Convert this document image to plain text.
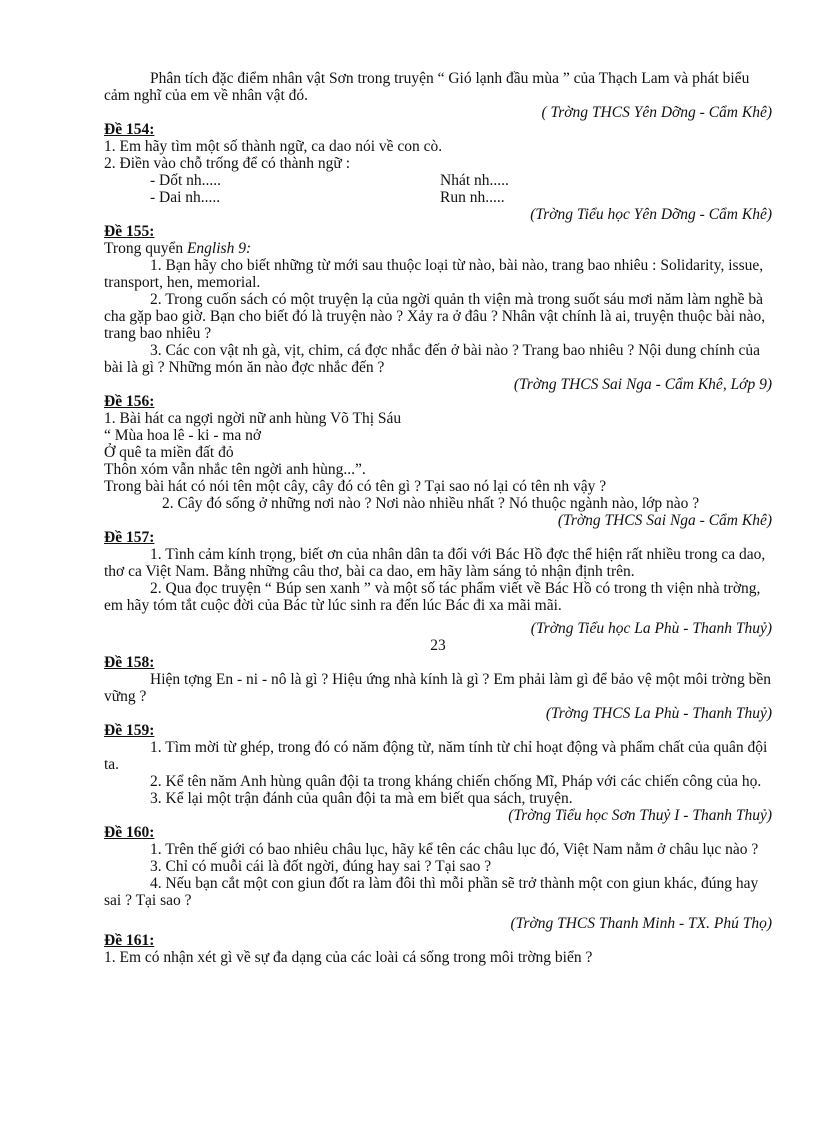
Phân tích đặc điểm nhân vật Sơn trong truyện “ Gió lạnh đầu mùa ” của Thạch Lam và phát biểu cảm nghĩ của em về nhân vật đó.

( Trờng THCS Yên Dỡng - Cẩm Khê)

Đề 154:

1. Em hãy tìm một số thành ngữ, ca dao nói về con cò.

2. Điền vào chỗ trống để có thành ngữ :

- Dốt nh.....	Nhát nh.....
- Dai nh.....	Run nh.....

(Trờng Tiểu học Yên Dỡng - Cẩm Khê)

Đề 155:

Trong quyển English 9:

1. Bạn hãy cho biết những từ mới sau thuộc loại từ nào, bài nào, trang bao nhiêu : Solidarity, issue, transport, hen, memorial.

2. Trong cuốn sách có một truyện lạ của ngời quản th viện mà trong suốt sáu mơi năm làm nghề bà cha gặp bao giờ. Bạn cho biết đó là truyện nào ? Xảy ra ở đâu ? Nhân vật chính là ai, truyện thuộc bài nào, trang bao nhiêu ?

3. Các con vật nh gà, vịt, chim, cá đợc nhắc đến ở bài nào ? Trang bao nhiêu ? Nội dung chính của bài là gì ? Những món ăn nào đợc nhắc đến ?

(Trờng THCS Sai Nga - Cẩm Khê, Lớp 9)

Đề 156:

1. Bài hát ca ngợi ngời nữ anh hùng Võ Thị Sáu

“ Mùa hoa lê - ki - ma nở

Ở quê ta miền đất đỏ

Thôn xóm vẫn nhắc tên ngời anh hùng...”.

Trong bài hát có nói tên một cây, cây đó có tên gì ? Tại sao nó lại có tên nh vậy ?

2. Cây đó sống ở những nơi nào ? Nơi nào nhiều nhất ? Nó thuộc ngành nào, lớp nào ?

(Trờng THCS Sai Nga - Cẩm Khê)

Đề 157:

1. Tình cảm kính trọng, biết ơn của nhân dân ta đối với Bác Hồ đợc thể hiện rất nhiều trong ca dao, thơ ca Việt Nam. Bằng những câu thơ, bài ca dao, em hãy làm sáng tỏ nhận định trên.

2. Qua đọc truyện “ Búp sen xanh ” và một số tác phẩm viết về Bác Hồ có trong th viện nhà trờng, em hãy tóm tắt cuộc đời của Bác từ lúc sinh ra đến lúc Bác đi xa mãi mãi.

(Trờng Tiểu học La Phù - Thanh Thuỷ)

23

Đề 158:

Hiện tợng En - ni - nô là gì ? Hiệu ứng nhà kính là gì ? Em phải làm gì để bảo vệ một môi trờng bền vững ?

(Trờng THCS La Phù - Thanh Thuỷ)

Đề 159:

1. Tìm mời từ ghép, trong đó có năm động từ, năm tính từ chỉ hoạt động và phẩm chất của quân đội ta.

2. Kể tên năm Anh hùng quân đội ta trong kháng chiến chống Mĩ, Pháp với các chiến công của họ.

3. Kể lại một trận đánh của quân đội ta mà em biết qua sách, truyện.

(Trờng Tiểu học Sơn Thuỷ I - Thanh Thuỷ)

Đề 160:

1. Trên thế giới có bao nhiêu châu lục, hãy kể tên các châu lục đó, Việt Nam nằm ở châu lục nào ?

3. Chỉ có muỗi cái là đốt ngời, đúng hay sai ? Tại sao ?

4. Nếu bạn cắt một con giun đốt ra làm đôi thì mỗi phần sẽ trở thành một con giun khác, đúng hay sai ? Tại sao ?

(Trờng THCS Thanh Minh - TX. Phú Thọ)

Đề 161:

1. Em có nhận xét gì về sự đa dạng của các loài cá sống trong môi trờng biển ?
